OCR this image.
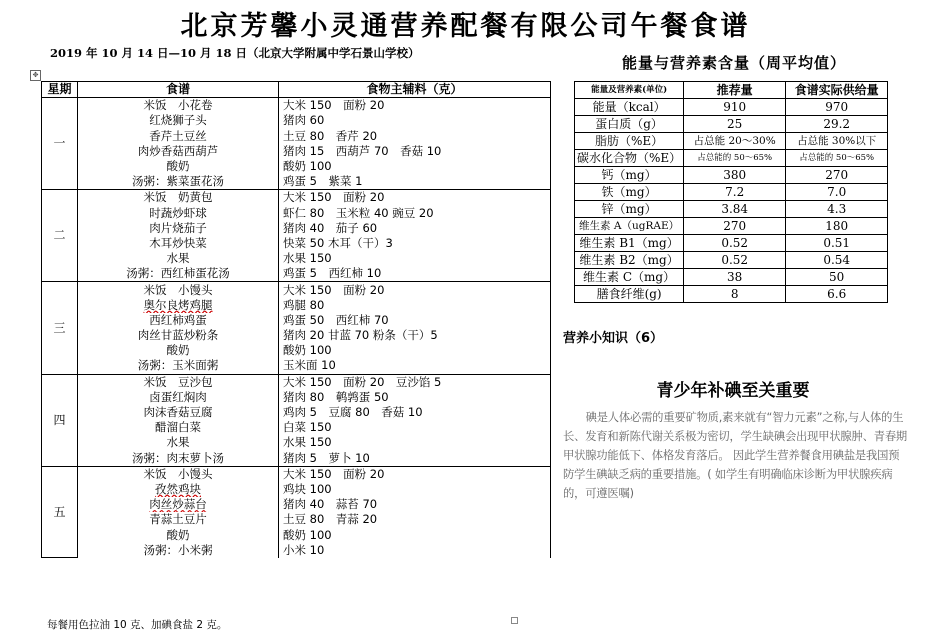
北京芳馨小灵通营养配餐有限公司午餐食谱
2019 年 10 月 14 日—10 月 18 日（北京大学附属中学石景山学校）
✥
星期	食谱	食物主辅料（克）
一	米饭　小花卷	大米 150　面粉 20
	红烧狮子头	猪肉 60
	香芹土豆丝	土豆 80　香芹 20
	肉炒香菇西葫芦	猪肉 15　西葫芦 70　香菇 10
	酸奶	酸奶 100
	汤粥：紫菜蛋花汤	鸡蛋 5　紫菜 1
二	米饭　奶黄包	大米 150　面粉 20
	时蔬炒虾球	虾仁 80　玉米粒 40 豌豆 20
	肉片烧茄子	猪肉 40　茄子 60
	木耳炒快菜	快菜 50 木耳（干）3
	水果	水果 150
	汤粥：西红柿蛋花汤	鸡蛋 5　西红柿 10
三	米饭　小馒头	大米 150　面粉 20
	奥尔良烤鸡腿	鸡腿 80
	西红柿鸡蛋	鸡蛋 50　西红柿 70
	肉丝甘蓝炒粉条	猪肉 20 甘蓝 70 粉条（干）5
	酸奶	酸奶 100
	汤粥：玉米面粥	玉米面 10
四	米饭　豆沙包	大米 150　面粉 20　豆沙馅 5
	卤蛋红焖肉	猪肉 80　鹌鹑蛋 50
	肉沫香菇豆腐	鸡肉 5　豆腐 80　香菇 10
	醋溜白菜	白菜 150
	水果	水果 150
	汤粥：肉末萝卜汤	猪肉 5　萝卜 10
五	米饭　小馒头	大米 150　面粉 20
	孜然鸡块	鸡块 100
	肉丝炒蒜台	猪肉 40　蒜苔 70
	青蒜土豆片	土豆 80　青蒜 20
	酸奶	酸奶 100
	汤粥：小米粥	小米 10
每餐用色拉油 10 克、加碘食盐 2 克。
能量与营养素含量（周平均值）
能量及营养素(单位)	推荐量	食谱实际供给量
能量（kcal）	910	970
蛋白质（g）	25	29.2
脂肪（%E）	占总能 20～30%	占总能 30%以下
碳水化合物（%E）	占总能的 50～65%	占总能的 50～65%
钙（mg）	380	270
铁（mg）	7.2	7.0
锌（mg）	3.84	4.3
维生素 A（ugRAE）	270	180
维生素 B1（mg）	0.52	0.51
维生素 B2（mg）	0.52	0.54
维生素 C（mg）	38	50
膳食纤维(g)	8	6.6
营养小知识（6）
青少年补碘至关重要
碘是人体必需的重要矿物质,素来就有“智力元素”之称,与人体的生长、发育和新陈代谢关系极为密切，学生缺碘会出现甲状腺肿、青春期甲状腺功能低下、体格发育落后。 因此学生营养餐食用碘盐是我国预防学生碘缺乏病的重要措施。( 如学生有明确临床诊断为甲状腺疾病的，可遵医嘱)
